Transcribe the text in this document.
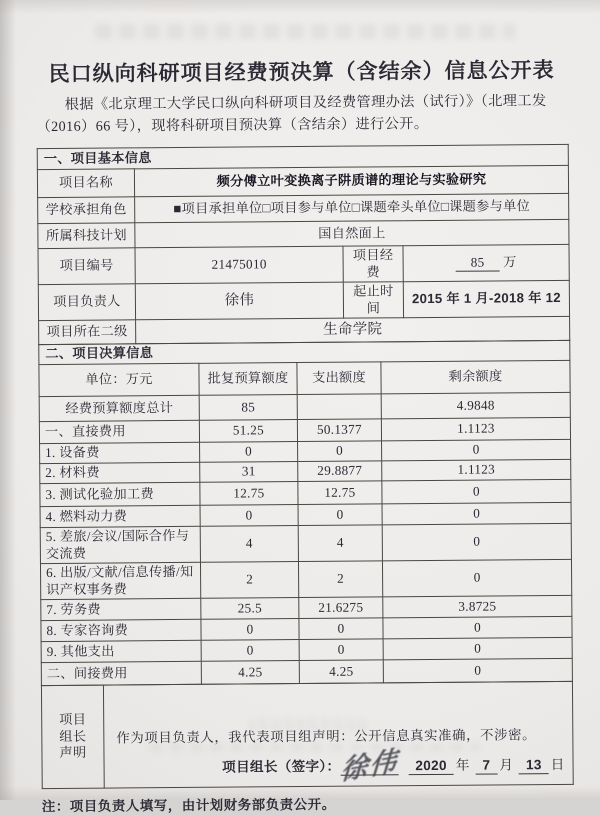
民口纵向科研项目经费预决算（含结余）信息公开表
根据《北京理工大学民口纵向科研项目及经费管理办法（试行）》（北理工发（2016）66 号），现将科研项目预决算（含结余）进行公开。
一、项目基本信息			
项目名称	频分傅立叶变换离子阱质谱的理论与实验研究		
学校承担角色	■项目承担单位□项目参与单位□课题牵头单位□课题参与单位		
所属科技计划	国自然面上		
项目编号	21475010	项目经费	85 万
项目负责人	徐伟	起止时间	2015 年 1 月-2018 年 12
项目所在二级	生命学院		
二、项目决算信息			
单位：万元	批复预算额度	支出额度	剩余额度
经费预算额度总计	85		4.9848
一、直接费用	51.25	50.1377	1.1123
1. 设备费	0	0	0
2. 材料费	31	29.8877	1.1123
3. 测试化验加工费	12.75	12.75	0
4. 燃料动力费	0	0	0
5. 差旅/会议/国际合作与交流费	4	4	0
6. 出版/文献/信息传播/知识产权事务费	2	2	0
7. 劳务费	25.5	21.6275	3.8725
8. 专家咨询费	0	0	0
9. 其他支出	0	0	0
二、间接费用	4.25	4.25	0
项目
组长
声明

作为项目负责人，我代表项目组声明：公开信息真实准确，不涉密。
项目组长（签字）： 徐伟	2020 年 7 月 13 日
注：项目负责人填写，由计划财务部负责公开。
